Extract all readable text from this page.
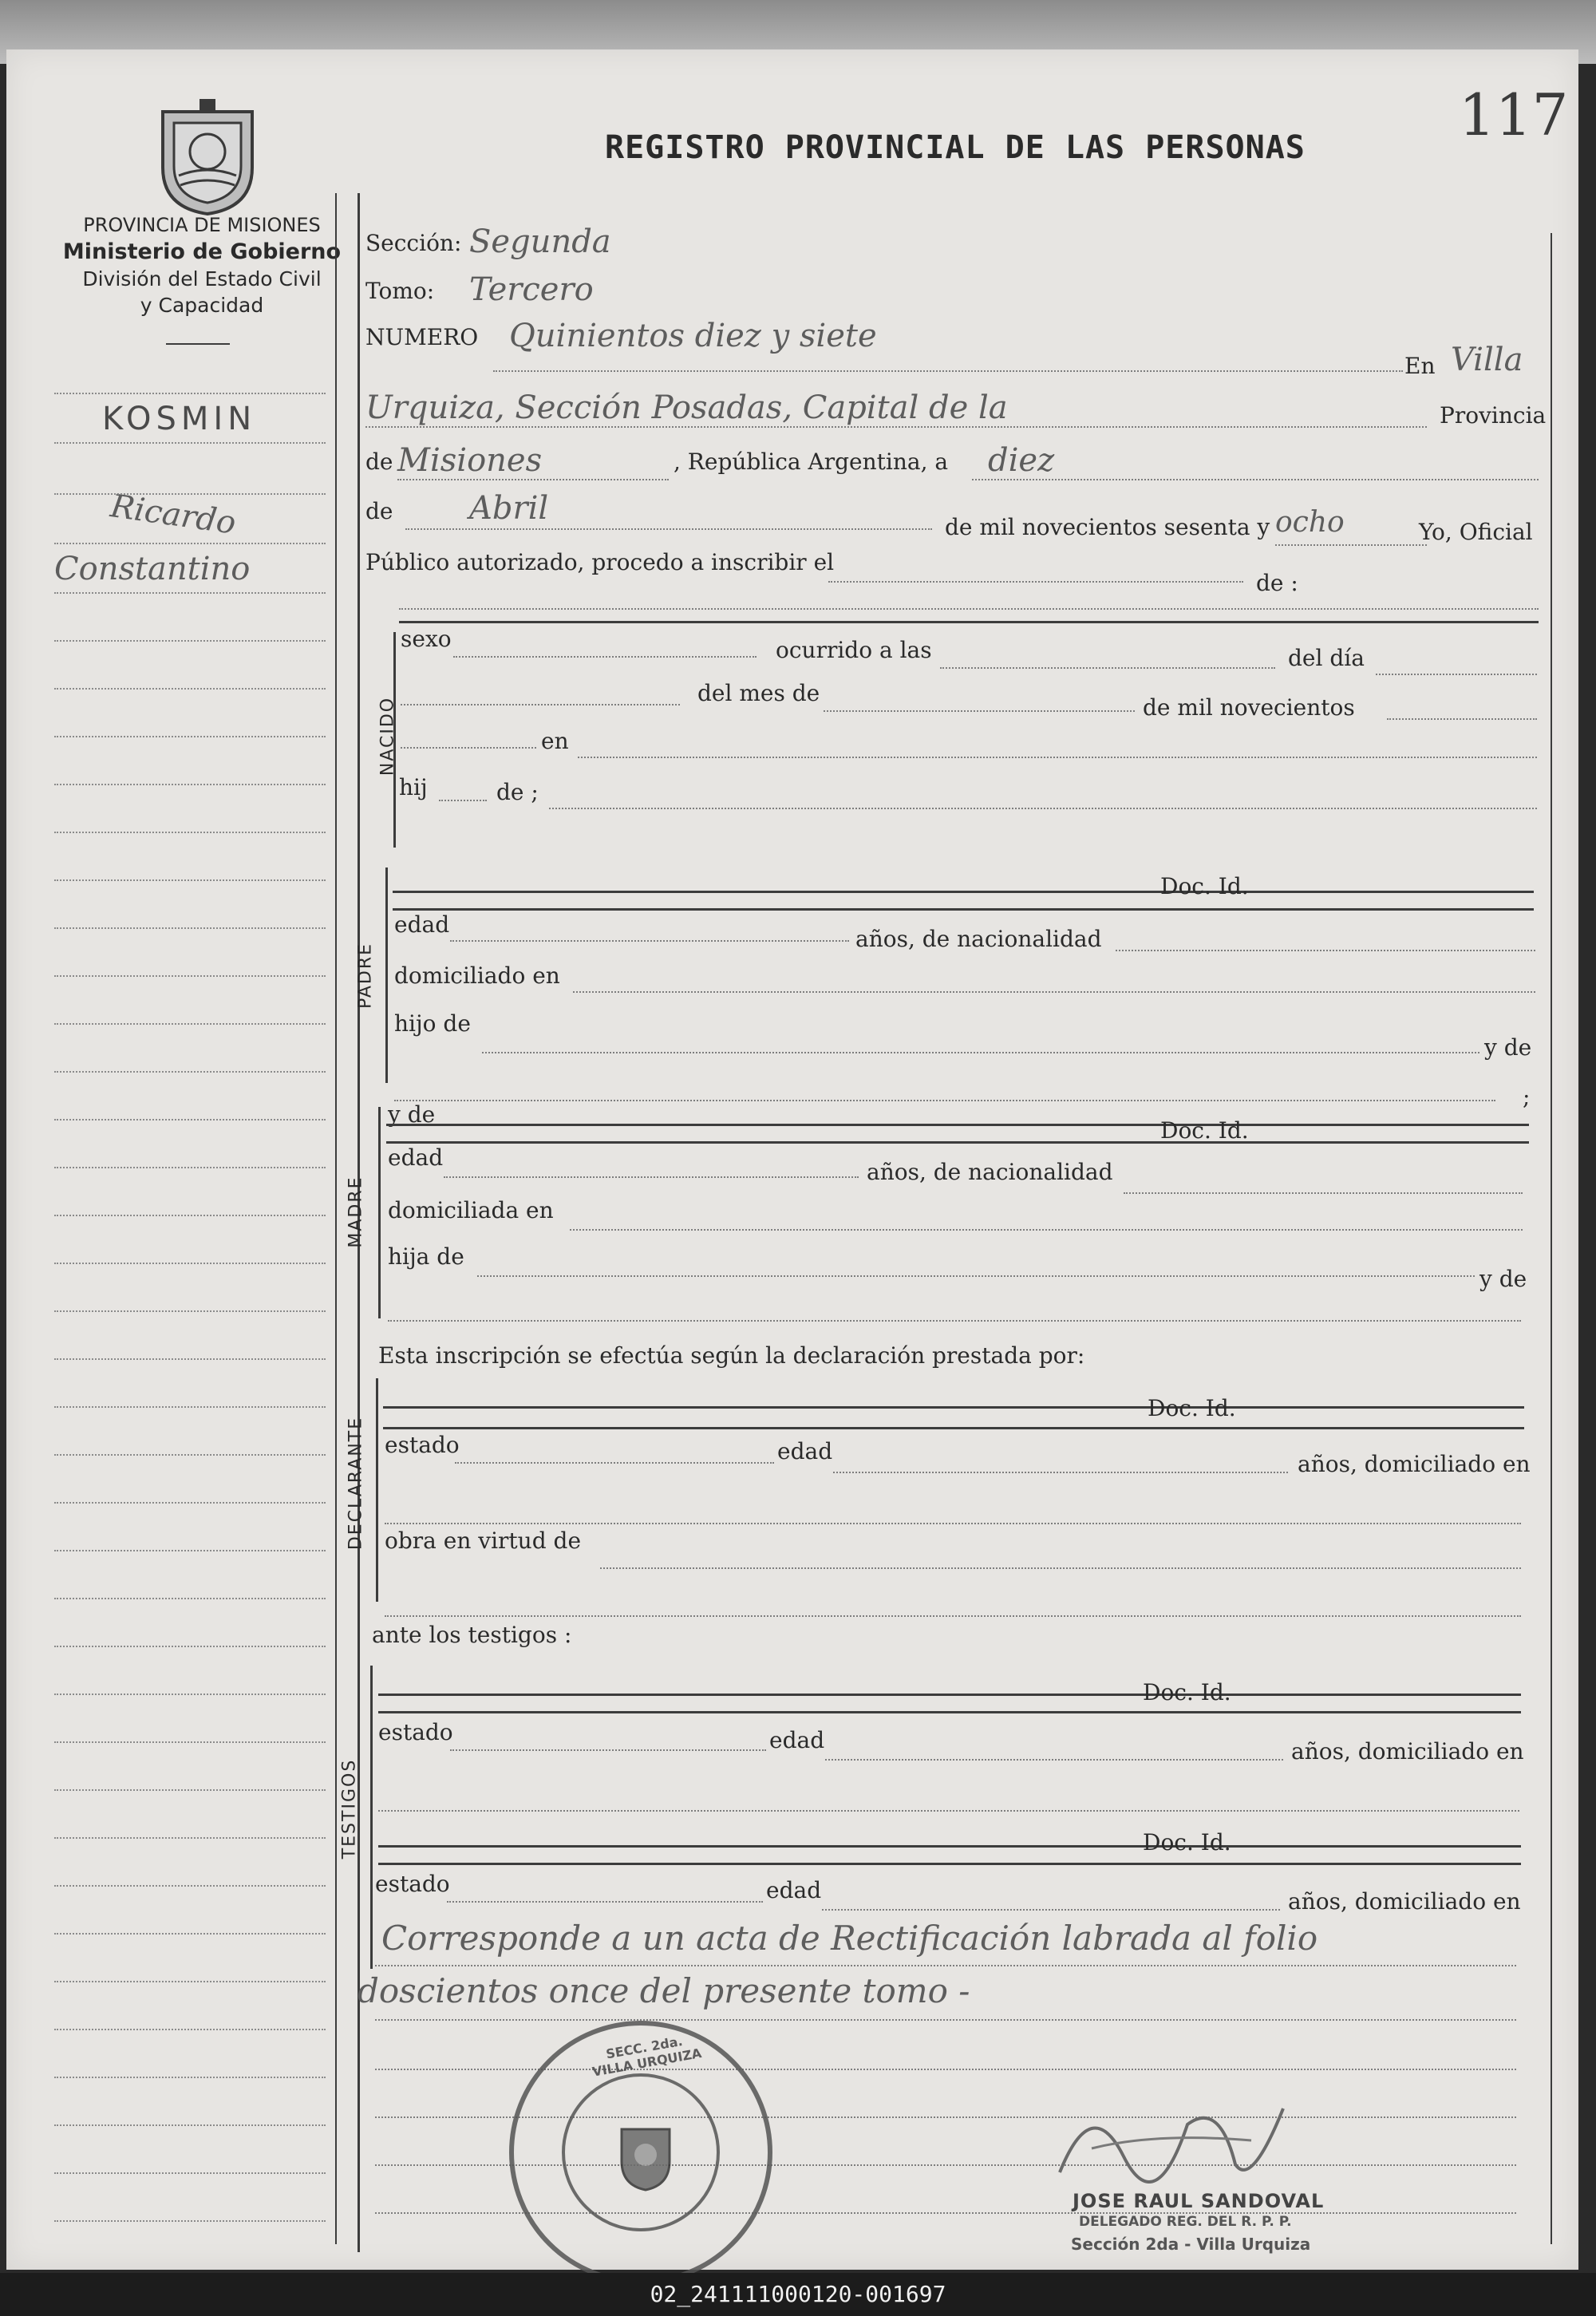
117
PROVINCIA DE MISIONES
Ministerio de Gobierno
División del Estado Civil
y Capacidad
REGISTRO PROVINCIAL DE LAS PERSONAS
KOSMIN
Ricardo
Constantino
Sección: Segunda
Tomo: Tercero
NUMERO Quinientos diez y siete
En Villa
Urquiza, Sección Posadas, Capital de la	Provincia
de Misiones	, República Argentina, a diez
de Abril
de mil novecientos sesenta y ocho	Yo, Oficial
Público autorizado, procedo a inscribir el
de :
NACIDO
sexo	ocurrido a las	del día
del mes de
de mil novecientos
en
hij	de ;
PADRE
Doc. Id.
edad
años, de nacionalidad
domiciliado en
hijo de
y de
;
MADRE
y de
Doc. Id.
edad
años, de nacionalidad
domiciliada en
hija de
y de
Esta inscripción se efectúa según la declaración prestada por:
DECLARANTE
Doc. Id.
estado	edad	años, domiciliado en
obra en virtud de
ante los testigos :
TESTIGOS
Doc. Id.
estado	edad	años, domiciliado en
Doc. Id.
estado	edad	años, domiciliado en
Corresponde a un acta de Rectificación labrada al folio
doscientos once del presente tomo -
SECC. 2da. VILLA URQUIZA
JOSE RAUL SANDOVAL
DELEGADO REG. DEL R. P. P.
Sección 2da - Villa Urquiza
02_241111000120-001697
